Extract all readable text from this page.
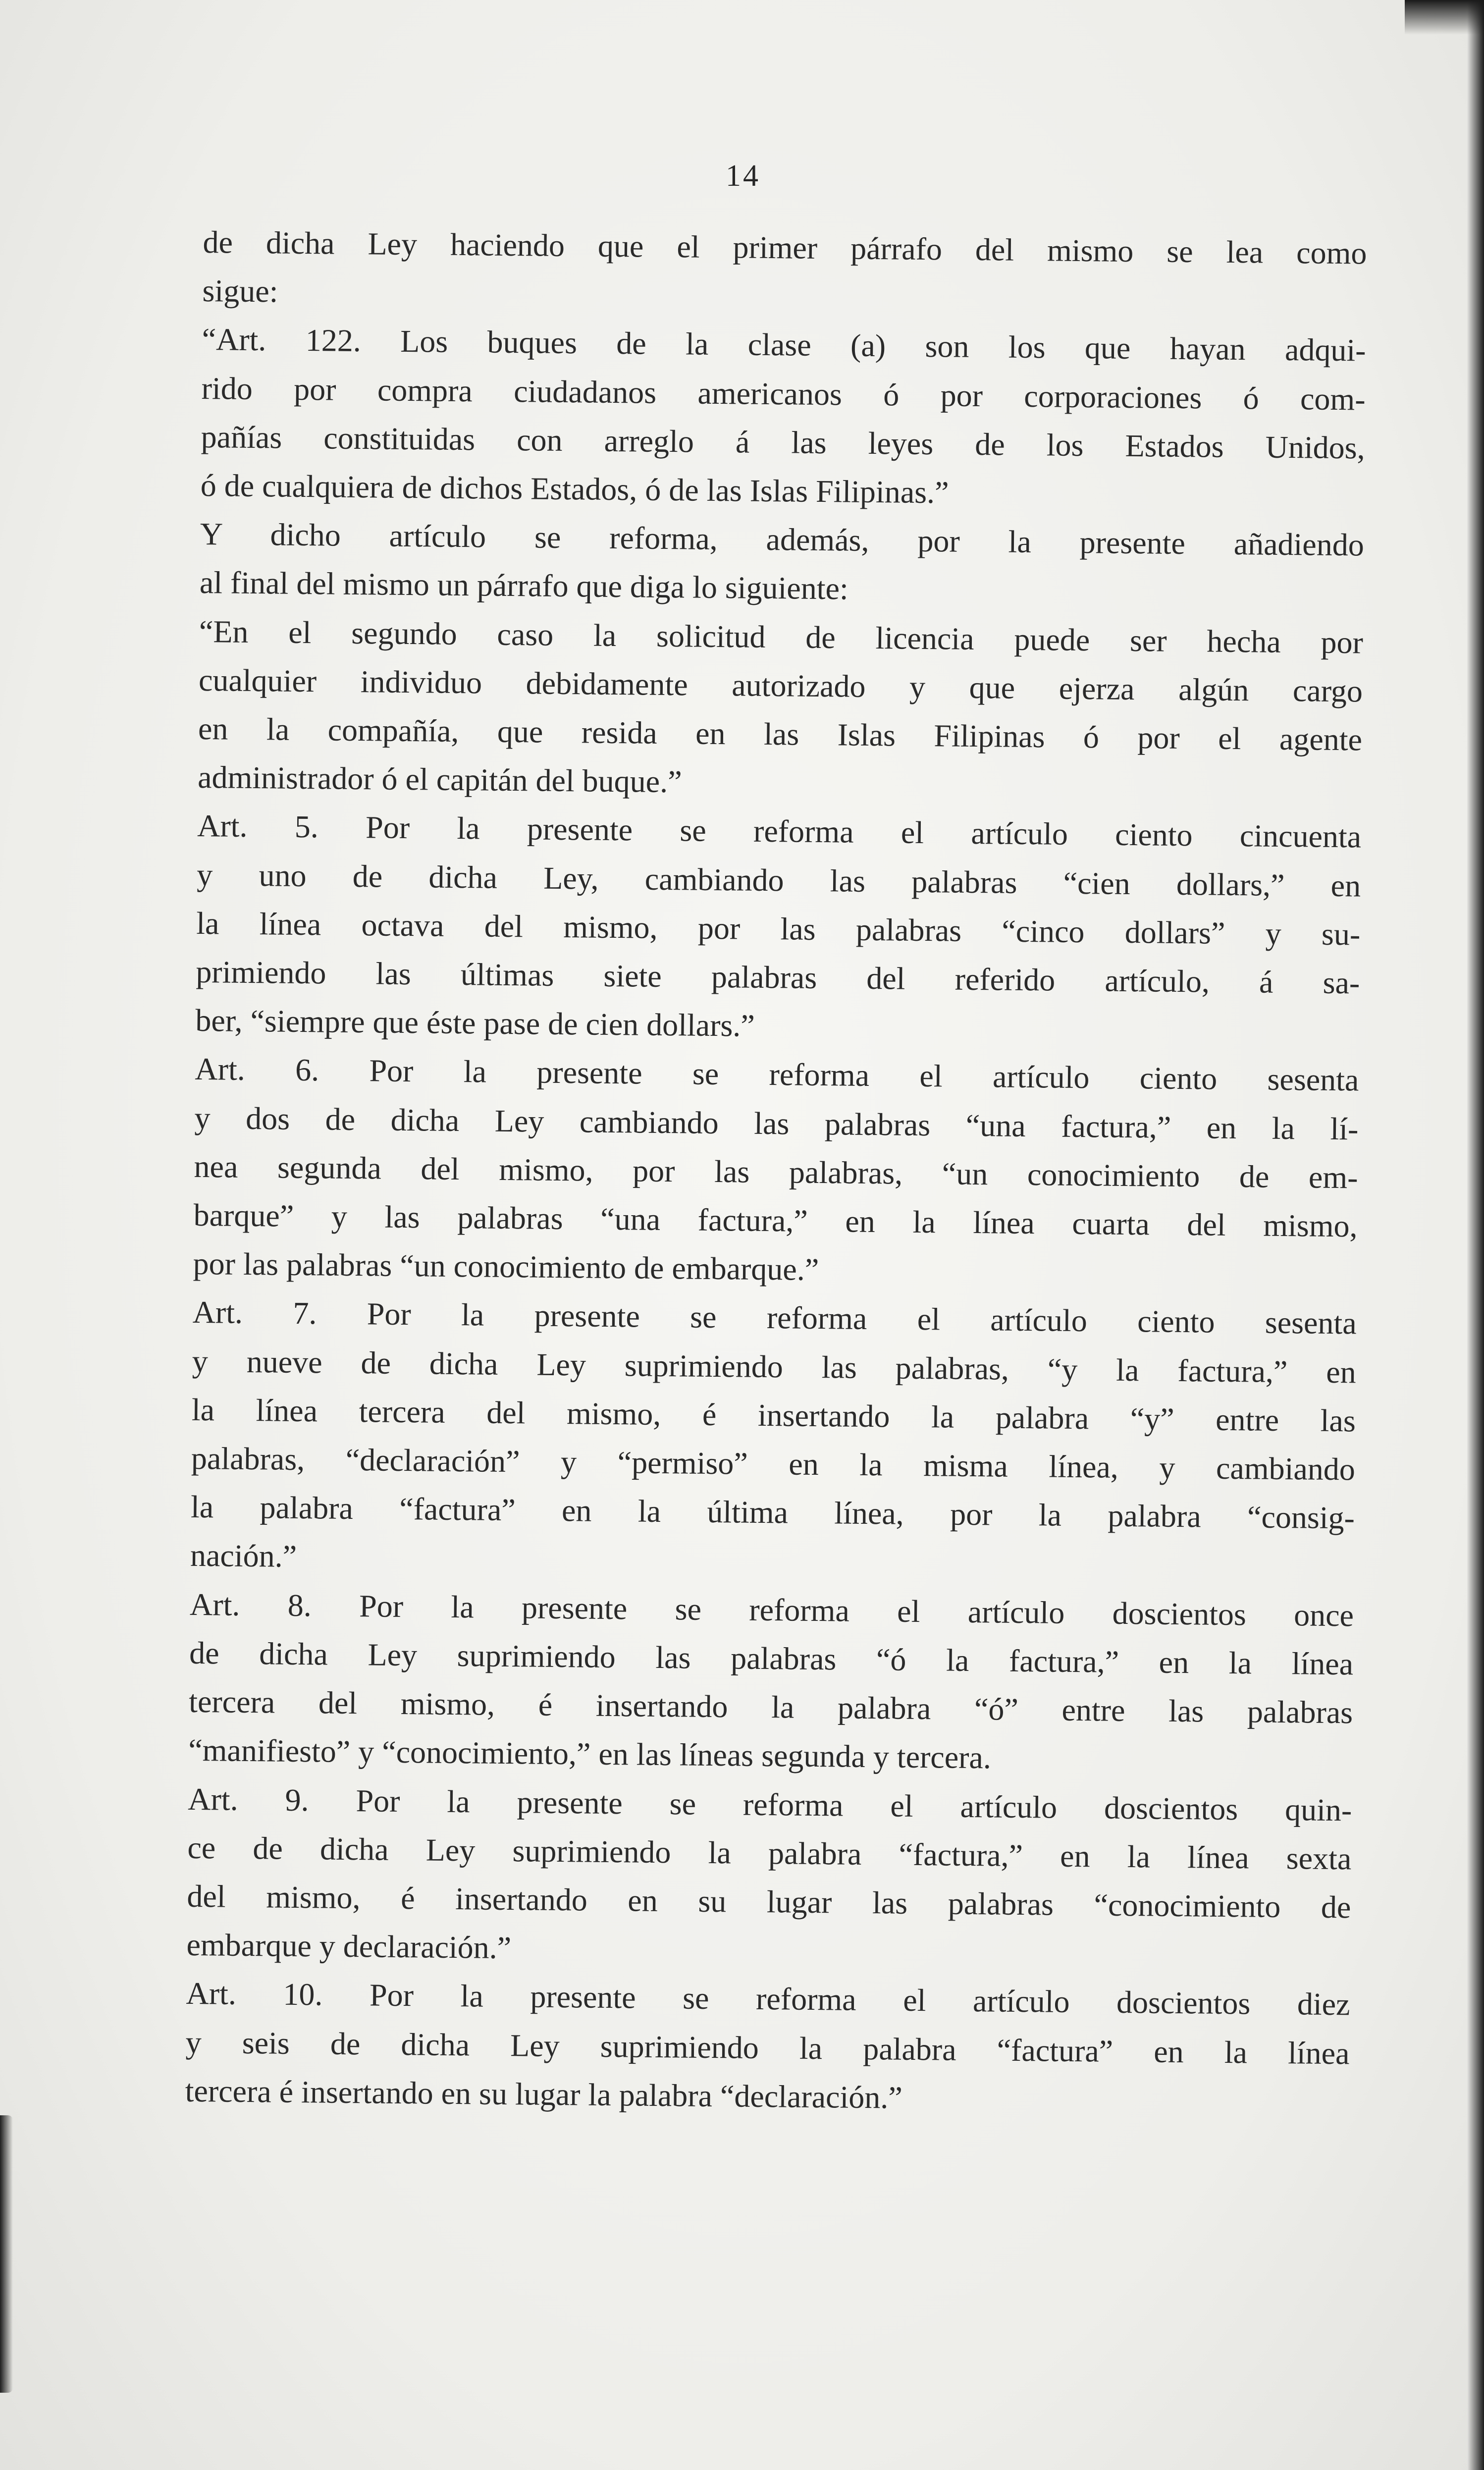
14
de dicha Ley haciendo que el primer párrafo del mismo se lea como
sigue:
“Art. 122. Los buques de la clase (a) son los que hayan adqui-
rido por compra ciudadanos americanos ó por corporaciones ó com-
pañías constituidas con arreglo á las leyes de los Estados Unidos,
ó de cualquiera de dichos Estados, ó de las Islas Filipinas.”
Y dicho artículo se reforma, además, por la presente añadiendo
al final del mismo un párrafo que diga lo siguiente:
“En el segundo caso la solicitud de licencia puede ser hecha por
cualquier individuo debidamente autorizado y que ejerza algún cargo
en la compañía, que resida en las Islas Filipinas ó por el agente
administrador ó el capitán del buque.”
Art. 5. Por la presente se reforma el artículo ciento cincuenta
y uno de dicha Ley, cambiando las palabras “cien dollars,” en
la línea octava del mismo, por las palabras “cinco dollars” y su-
primiendo las últimas siete palabras del referido artículo, á sa-
ber, “siempre que éste pase de cien dollars.”
Art. 6. Por la presente se reforma el artículo ciento sesenta
y dos de dicha Ley cambiando las palabras “una factura,” en la lí-
nea segunda del mismo, por las palabras, “un conocimiento de em-
barque” y las palabras “una factura,” en la línea cuarta del mismo,
por las palabras “un conocimiento de embarque.”
Art. 7. Por la presente se reforma el artículo ciento sesenta
y nueve de dicha Ley suprimiendo las palabras, “y la factura,” en
la línea tercera del mismo, é insertando la palabra “y” entre las
palabras, “declaración” y “permiso” en la misma línea, y cambiando
la palabra “factura” en la última línea, por la palabra “consig-
nación.”
Art. 8. Por la presente se reforma el artículo doscientos once
de dicha Ley suprimiendo las palabras “ó la factura,” en la línea
tercera del mismo, é insertando la palabra “ó” entre las palabras
“manifiesto” y “conocimiento,” en las líneas segunda y tercera.
Art. 9. Por la presente se reforma el artículo doscientos quin-
ce de dicha Ley suprimiendo la palabra “factura,” en la línea sexta
del mismo, é insertando en su lugar las palabras “conocimiento de
embarque y declaración.”
Art. 10. Por la presente se reforma el artículo doscientos diez
y seis de dicha Ley suprimiendo la palabra “factura” en la línea
tercera é insertando en su lugar la palabra “declaración.”
